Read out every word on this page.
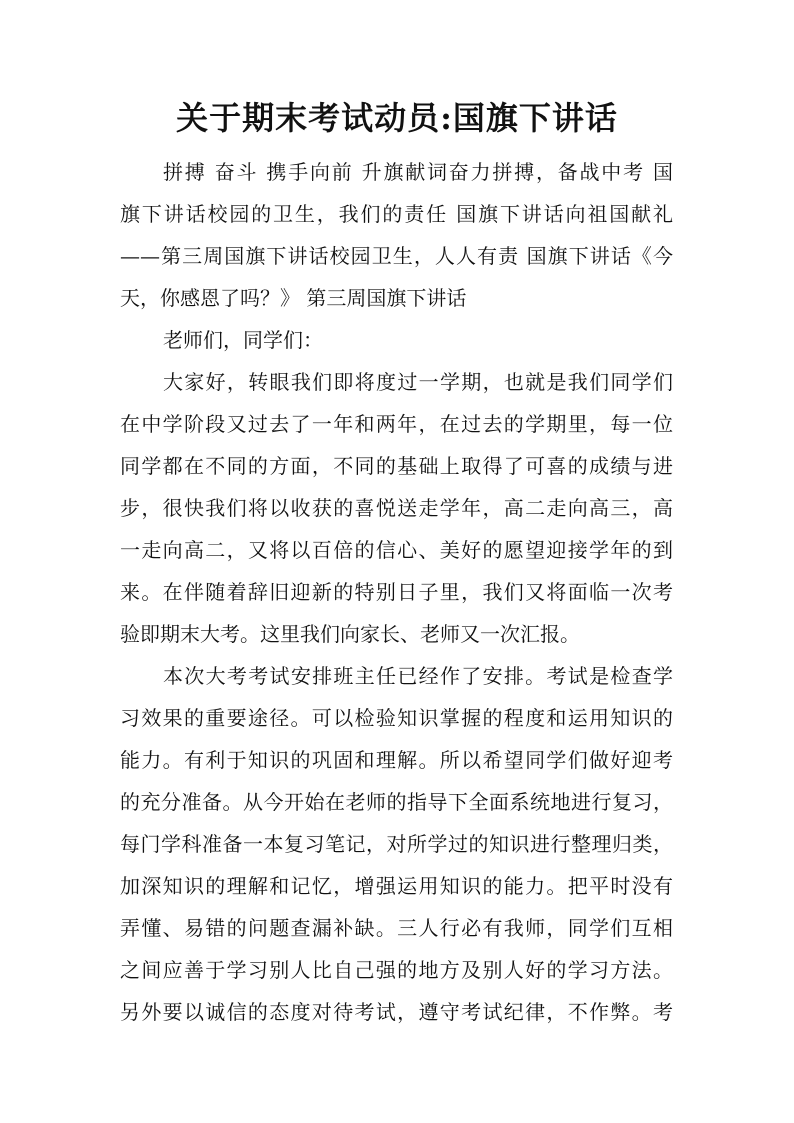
关于期末考试动员:国旗下讲话
拼搏 奋斗 携手向前 升旗献词奋力拼搏，备战中考 国
旗下讲话校园的卫生，我们的责任 国旗下讲话向祖国献礼
——第三周国旗下讲话校园卫生，人人有责 国旗下讲话《今
天，你感恩了吗？》 第三周国旗下讲话
老师们，同学们：
大家好，转眼我们即将度过一学期，也就是我们同学们
在中学阶段又过去了一年和两年，在过去的学期里，每一位
同学都在不同的方面，不同的基础上取得了可喜的成绩与进
步，很快我们将以收获的喜悦送走学年，高二走向高三，高
一走向高二，又将以百倍的信心、美好的愿望迎接学年的到
来。在伴随着辞旧迎新的特别日子里，我们又将面临一次考
验即期末大考。这里我们向家长、老师又一次汇报。
本次大考考试安排班主任已经作了安排。考试是检查学
习效果的重要途径。可以检验知识掌握的程度和运用知识的
能力。有利于知识的巩固和理解。所以希望同学们做好迎考
的充分准备。从今开始在老师的指导下全面系统地进行复习，
每门学科准备一本复习笔记，对所学过的知识进行整理归类，
加深知识的理解和记忆，增强运用知识的能力。把平时没有
弄懂、易错的问题查漏补缺。三人行必有我师，同学们互相
之间应善于学习别人比自己强的地方及别人好的学习方法。
另外要以诚信的态度对待考试，遵守考试纪律，不作弊。考
